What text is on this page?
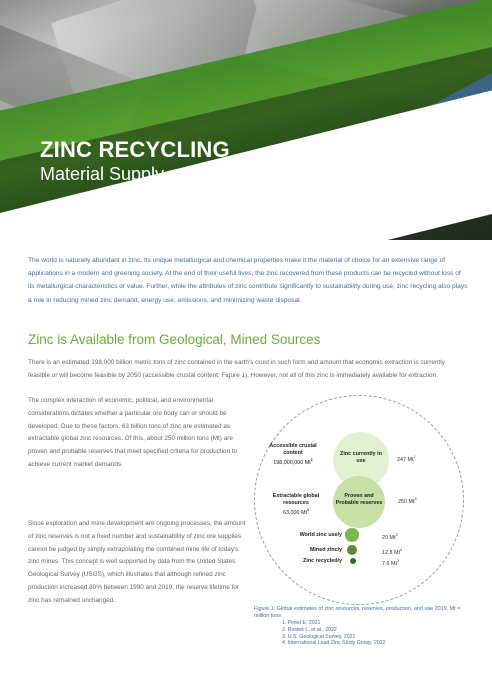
ZINC RECYCLING
Material Supply
The world is naturally abundant in zinc. Its unique metallurgical and chemical properties make it the material of choice for an extensive range of applications in a modern and greening society. At the end of their useful lives, the zinc recovered from these products can be recycled without loss of its metallurgical characteristics or value. Further, while the attributes of zinc contribute significantly to sustainability during use, zinc recycling also plays a role in reducing mined zinc demand, energy use, emissions, and minimizing waste disposal.
Zinc is Available from Geological, Mined Sources
There is an estimated 198,000 billion metric tons of zinc contained in the earth's crust in such form and amount that economic extraction is currently feasible or will become feasible by 2050 (accessible crustal content; Figure 1). However, not all of this zinc is immediately available for extraction.
The complex interaction of economic, political, and environmental considerations dictates whether a particular ore body can or should be developed. Due to these factors, 63 billion tons of zinc are estimated as extractable global zinc resources. Of this, about 250 million tons (Mt) are proven and probable reserves that meet specified criteria for production to achieve current market demands.
Since exploration and mine development are ongoing processes, the amount of zinc reserves is not a fixed number and sustainability of zinc ore supplies cannot be judged by simply extrapolating the combined mine life of today's zinc mines. This concept is well supported by data from the United States Geological Survey (USGS), which illustrates that although refined zinc production increased 80% between 1990 and 2019, the reserve lifetime for zinc has remained unchanged.
Accessible crustal content
198,000,000 Mt$^1$
Zinc currently in use	247 Mt$^2$
Extractable global resources
63,000 Mt$^1$
Proven and Probable reserves	250 Mt$^3$
World zinc use/y	20 Mt$^3$
Mined zinc/y	12.8 Mt$^4$
Zinc recycled/y	7.6 Mt$^3$
Figure 1: Global estimates of zinc resources, reserves, production, and use 2019, Mt = million tons
1. Pined E. 2021
2. Rostek L. et al., 2022
3. U.S. Geological Survey, 2021
4. International Lead Zinc Study Group, 2022
